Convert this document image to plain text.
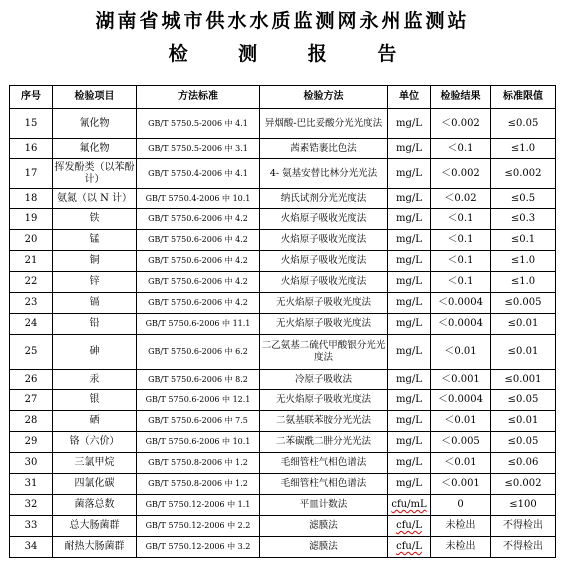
湖南省城市供水水质监测网永州监测站
检 测 报 告
序号	检验项目	方法标准	检验方法	单位	检验结果	标准限值
15	氰化物	GB/T 5750.5-2006 中 4.1	异烟酸-巴比妥酸分光光度法	mg/L	＜0.002	≤0.05
16	氟化物	GB/T 5750.5-2006 中 3.1	茜素锆裹比色法	mg/L	＜0.1	≤1.0
17	挥发酚类（以苯酚计）	GB/T 5750.4-2006 中 4.1	4- 氨基安替比林分光光法	mg/L	＜0.002	≤0.002
18	氨氮（以 N 计）	GB/T 5750.4-2006 中 10.1	纳氏试剂分光光度法	mg/L	＜0.02	≤0.5
19	铁	GB/T 5750.6-2006 中 4.2	火焰原子吸收光度法	mg/L	＜0.1	≤0.3
20	锰	GB/T 5750.6-2006 中 4.2	火焰原子吸收光度法	mg/L	＜0.1	≤0.1
21	铜	GB/T 5750.6-2006 中 4.2	火焰原子吸收光度法	mg/L	＜0.1	≤1.0
22	锌	GB/T 5750.6-2006 中 4.2	火焰原子吸收光度法	mg/L	＜0.1	≤1.0
23	镉	GB/T 5750.6-2006 中 4.2	无火焰原子吸收光度法	mg/L	＜0.0004	≤0.005
24	铅	GB/T 5750.6-2006 中 11.1	无火焰原子吸收光度法	mg/L	＜0.0004	≤0.01
25	砷	GB/T 5750.6-2006 中 6.2	二乙氨基二硫代甲酸银分光光度法	mg/L	＜0.01	≤0.01
26	汞	GB/T 5750.6-2006 中 8.2	冷原子吸收法	mg/L	＜0.001	≤0.001
27	银	GB/T 5750.6-2006 中 12.1	无火焰原子吸收光度法	mg/L	＜0.0004	≤0.05
28	硒	GB/T 5750.6-2006 中 7.5	二氨基联苯胺分光光法	mg/L	＜0.01	≤0.01
29	铬（六价）	GB/T 5750.6-2006 中 10.1	二苯碳酰二肼分光光法	mg/L	＜0.005	≤0.05
30	三氯甲烷	GB/T 5750.8-2006 中 1.2	毛细管柱气相色谱法	mg/L	＜0.01	≤0.06
31	四氯化碳	GB/T 5750.8-2006 中 1.2	毛细管柱气相色谱法	mg/L	＜0.001	≤0.002
32	菌落总数	GB/T 5750.12-2006 中 1.1	平皿计数法	cfu/mL	0	≤100
33	总大肠菌群	GB/T 5750.12-2006 中 2.2	滤膜法	cfu/L	未检出	不得检出
34	耐热大肠菌群	GB/T 5750.12-2006 中 3.2	滤膜法	cfu/L	未检出	不得检出
